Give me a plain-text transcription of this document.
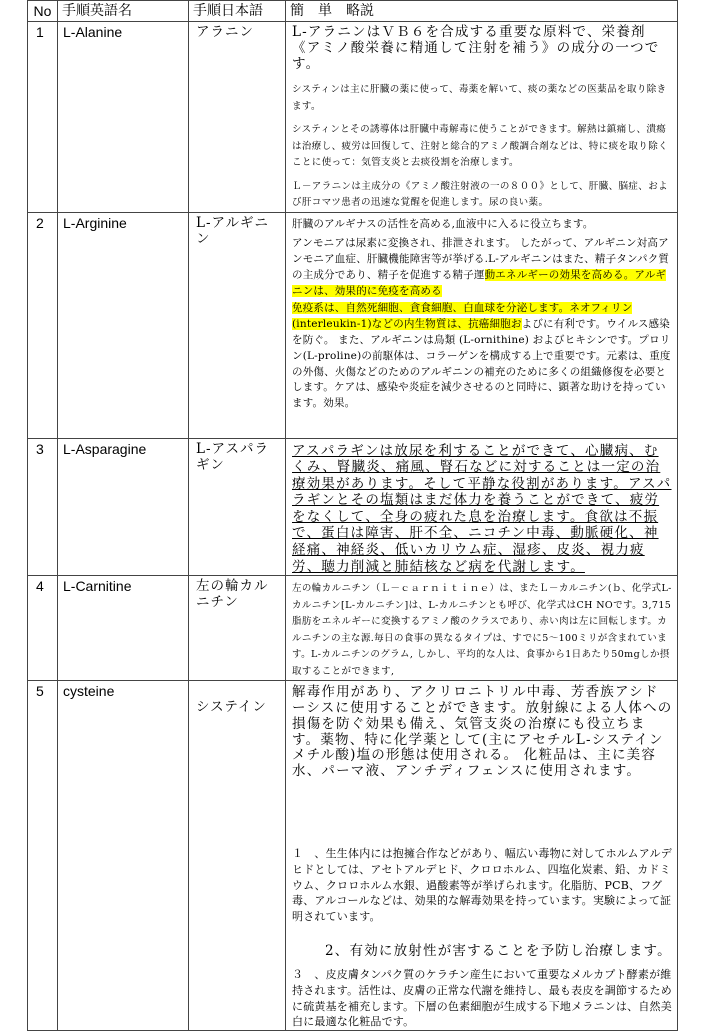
No	手順英語名	手順日本語	簡　単　略説
1	L-Alanine	アラニン	L-アラニンはＶＢ６を合成する重要な原料で、栄養剤《アミノ酸栄養に精通して注射を補う》の成分の一つです。

システィンは主に肝臓の薬に使って、毒薬を解いて、痰の薬などの医薬品を取り除きます。

システィンとその誘導体は肝臓中毒解毒に使うことができます。解熱は鎮痛し、潰瘍は治療し、疲労は回復して、注射と総合的アミノ酸調合剤などは、特に痰を取り除くことに使って：気管支炎と去痰役割を治療します。

Ｌ－アラニンは主成分の《アミノ酸注射液の一の８００》として、肝臓、脳症、および肝コマツ患者の迅速な覚醒を促進します。尿の良い薬。

2	L-Arginine	L-アルギニン	肝臓のアルギナスの活性を高める,血液中に入るに役立ちます。

アンモニアは尿素に変換され、排泄されます。 したがって、アルギニン対高アンモニア血症、肝臓機能障害等が挙げる.L-アルギニンはまた、精子タンパク質の主成分であり、精子を促進する精子運動エネルギーの効果を高める。アルギニンは、効果的に免疫を高める

免疫系は、自然死細胞、貪食細胞、白血球を分泌します。ネオフィリン(interleukin-1)などの内生物質は、抗癌細胞およびに有利です。ウイルス感染を防ぐ。 また、アルギニンは鳥類 (L-ornithine) およびヒキシンです。プロリン(L-proline)の前駆体は、コラーゲンを構成する上で重要です。元素は、重度の外傷、火傷などのためのアルギニンの補充のために多くの組織修復を必要とします。ケアは、感染や炎症を減少させるのと同時に、顕著な助けを持っています。効果。

3	L-Asparagine	L-アスパラギン	アスパラギンは放尿を利することができて、心臓病、むくみ、腎臓炎、痛風、腎石などに対することは一定の治療効果があります。そして平静な役割があります。アスパラギンとその塩類はまだ体力を養うことができて、疲労をなくして、全身の疲れた息を治療します。食欲は不振で、蛋白は障害、肝不全、ニコチン中毒、動脈硬化、神経痛、神経炎、低いカリウム症、湿疹、皮炎、視力疲労、聴力削減と肺結核など病を代謝します。

4	L-Carnitine	左の輪カルニチン	左の輪カルニチン（Ｌ－ｃａｒｎｉｔｉｎｅ）は、またＬ－カルニチン(ｂ、化学式L-カルニチン[L-カルニチン]は、L-カルニチンとも呼び、化学式はCH NOです。3,715脂肪をエネルギーに変換するアミノ酸のクラスであり、赤い肉は左に回転します。カルニチンの主な源.毎日の食事の異なるタイプは、すでに5～100ミリが含まれています。L-カルニチンのグラム, しかし、平均的な人は、食事から1日あたり50mgしか摂取することができます,

5	cysteine	システイン	解毒作用があり、アクリロニトリル中毒、芳香族アシドーシスに使用することができます。放射線による人体への損傷を防ぐ効果も備え、気管支炎の治療にも役立ちます。薬物、特に化学薬として(主にアセチルL-システインメチル酸)塩の形態は使用される。 化粧品は、主に美容水、パーマ液、アンチディフェンスに使用されます。

１　、生生体内には抱擁合作などがあり、幅広い毒物に対してホルムアルデヒドとしては、アセトアルデヒド、クロロホルム、四塩化炭素、鉛、カドミウム、クロロホルム水銀、過酸素等が挙げられます。化脂肪、PCB、フグ毒、アルコールなどは、効果的な解毒効果を持っています。実験によって証明されています。

2、有効に放射性が害することを予防し治療します。

３　、皮皮膚タンパク質のケラチン産生において重要なメルカプト酵素が維持されます。活性は、皮膚の正常な代謝を維持し、最も表皮を調節するために硫黄基を補充します。下層の色素細胞が生成する下地メラニンは、自然美白に最適な化粧品です。
